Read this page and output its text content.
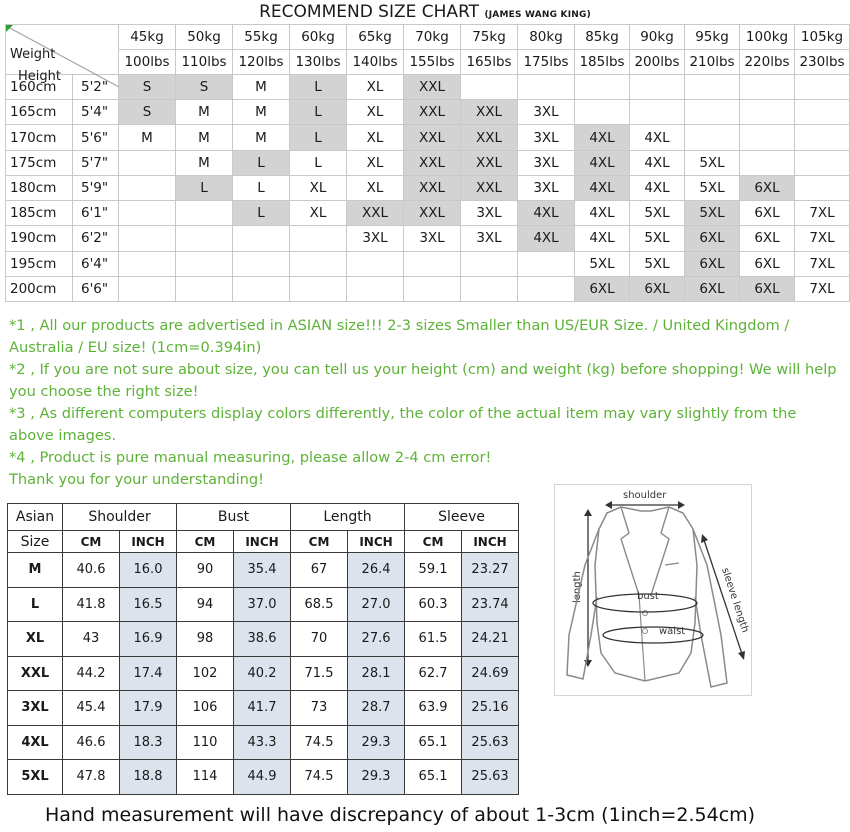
RECOMMEND SIZE CHART (JAMES WANG KING)
Weight
Height		45kg	50kg	55kg	60kg	65kg	70kg	75kg	80kg	85kg	90kg	95kg	100kg	105kg
		100lbs	110lbs	120lbs	130lbs	140lbs	155lbs	165lbs	175lbs	185lbs	200lbs	210lbs	220lbs	230lbs
160cm	5'2"	S	S	M	L	XL	XXL							
165cm	5'4"	S	M	M	L	XL	XXL	XXL	3XL					
170cm	5'6"	M	M	M	L	XL	XXL	XXL	3XL	4XL	4XL			
175cm	5'7"		M	L	L	XL	XXL	XXL	3XL	4XL	4XL	5XL		
180cm	5'9"		L	L	XL	XL	XXL	XXL	3XL	4XL	4XL	5XL	6XL	
185cm	6'1"			L	XL	XXL	XXL	3XL	4XL	4XL	5XL	5XL	6XL	7XL
190cm	6'2"					3XL	3XL	3XL	4XL	4XL	5XL	6XL	6XL	7XL
195cm	6'4"									5XL	5XL	6XL	6XL	7XL
200cm	6'6"									6XL	6XL	6XL	6XL	7XL

*1 , All our products are advertised in ASIAN size!!! 2-3 sizes Smaller than US/EUR Size. / United Kingdom / Australia / EU size! (1cm=0.394in)

*2 , If you are not sure about size, you can tell us your height (cm) and weight (kg) before shopping! We will help you choose the right size!

*3 , As different computers display colors differently, the color of the actual item may vary slightly from the above images.

*4 , Product is pure manual measuring, please allow 2-4 cm error!

Thank you for your understanding!

Asian	Shoulder		Bust		Length		Sleeve	
Size	CM	INCH	CM	INCH	CM	INCH	CM	INCH
M	40.6	16.0	90	35.4	67	26.4	59.1	23.27
L	41.8	16.5	94	37.0	68.5	27.0	60.3	23.74
XL	43	16.9	98	38.6	70	27.6	61.5	24.21
XXL	44.2	17.4	102	40.2	71.5	28.1	62.7	24.69
3XL	45.4	17.9	106	41.7	73	28.7	63.9	25.16
4XL	46.6	18.3	110	43.3	74.5	29.3	65.1	25.63
5XL	47.8	18.8	114	44.9	74.5	29.3	65.1	25.63
shoulder
length	sleeve length
bust
waist
Hand measurement will have discrepancy of about 1-3cm (1inch=2.54cm)
